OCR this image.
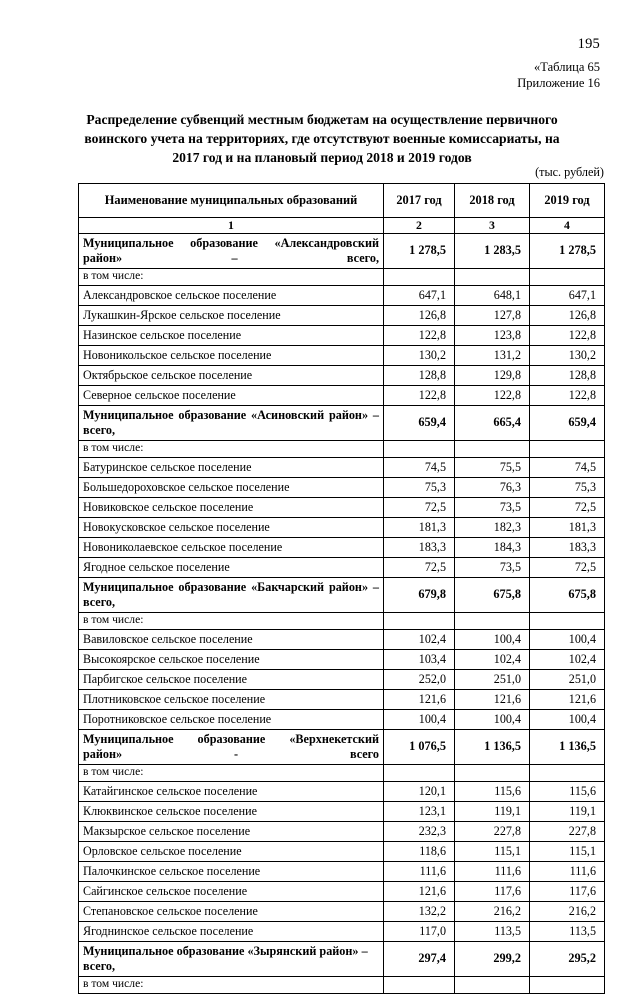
195
«Таблица 65
Приложение 16
Распределение субвенций местным бюджетам на осуществление первичного воинского учета на территориях, где отсутствуют военные комиссариаты, на 2017 год и на плановый период 2018 и 2019 годов
(тыс. рублей)
Наименование муниципальных образований	2017 год	2018 год	2019 год
1	2	3	4
Муниципальное образование «Александровский район» – всего,	1 278,5	1 283,5	1 278,5
в том числе:			
Александровское сельское поселение	647,1	648,1	647,1
Лукашкин-Ярское сельское поселение	126,8	127,8	126,8
Назинское сельское поселение	122,8	123,8	122,8
Новоникольское сельское поселение	130,2	131,2	130,2
Октябрьское сельское поселение	128,8	129,8	128,8
Северное сельское поселение	122,8	122,8	122,8
Муниципальное образование «Асиновский район» – всего,	659,4	665,4	659,4
в том числе:			
Батуринское сельское поселение	74,5	75,5	74,5
Большедороховское сельское поселение	75,3	76,3	75,3
Новиковское сельское поселение	72,5	73,5	72,5
Новокусковское сельское поселение	181,3	182,3	181,3
Новониколаевское сельское поселение	183,3	184,3	183,3
Ягодное сельское поселение	72,5	73,5	72,5
Муниципальное образование «Бакчарский район» – всего,	679,8	675,8	675,8
в том числе:			
Вавиловское сельское поселение	102,4	100,4	100,4
Высокоярское сельское поселение	103,4	102,4	102,4
Парбигское сельское поселение	252,0	251,0	251,0
Плотниковское сельское поселение	121,6	121,6	121,6
Поротниковское сельское поселение	100,4	100,4	100,4
Муниципальное образование «Верхнекетский район» - всего	1 076,5	1 136,5	1 136,5
в том числе:			
Катайгинское сельское поселение	120,1	115,6	115,6
Клюквинское сельское поселение	123,1	119,1	119,1
Макзырское сельское поселение	232,3	227,8	227,8
Орловское сельское поселение	118,6	115,1	115,1
Палочкинское сельское поселение	111,6	111,6	111,6
Сайгинское сельское поселение	121,6	117,6	117,6
Степановское сельское поселение	132,2	216,2	216,2
Ягоднинское сельское поселение	117,0	113,5	113,5
Муниципальное образование «Зырянский район» – всего,	297,4	299,2	295,2
в том числе:			
